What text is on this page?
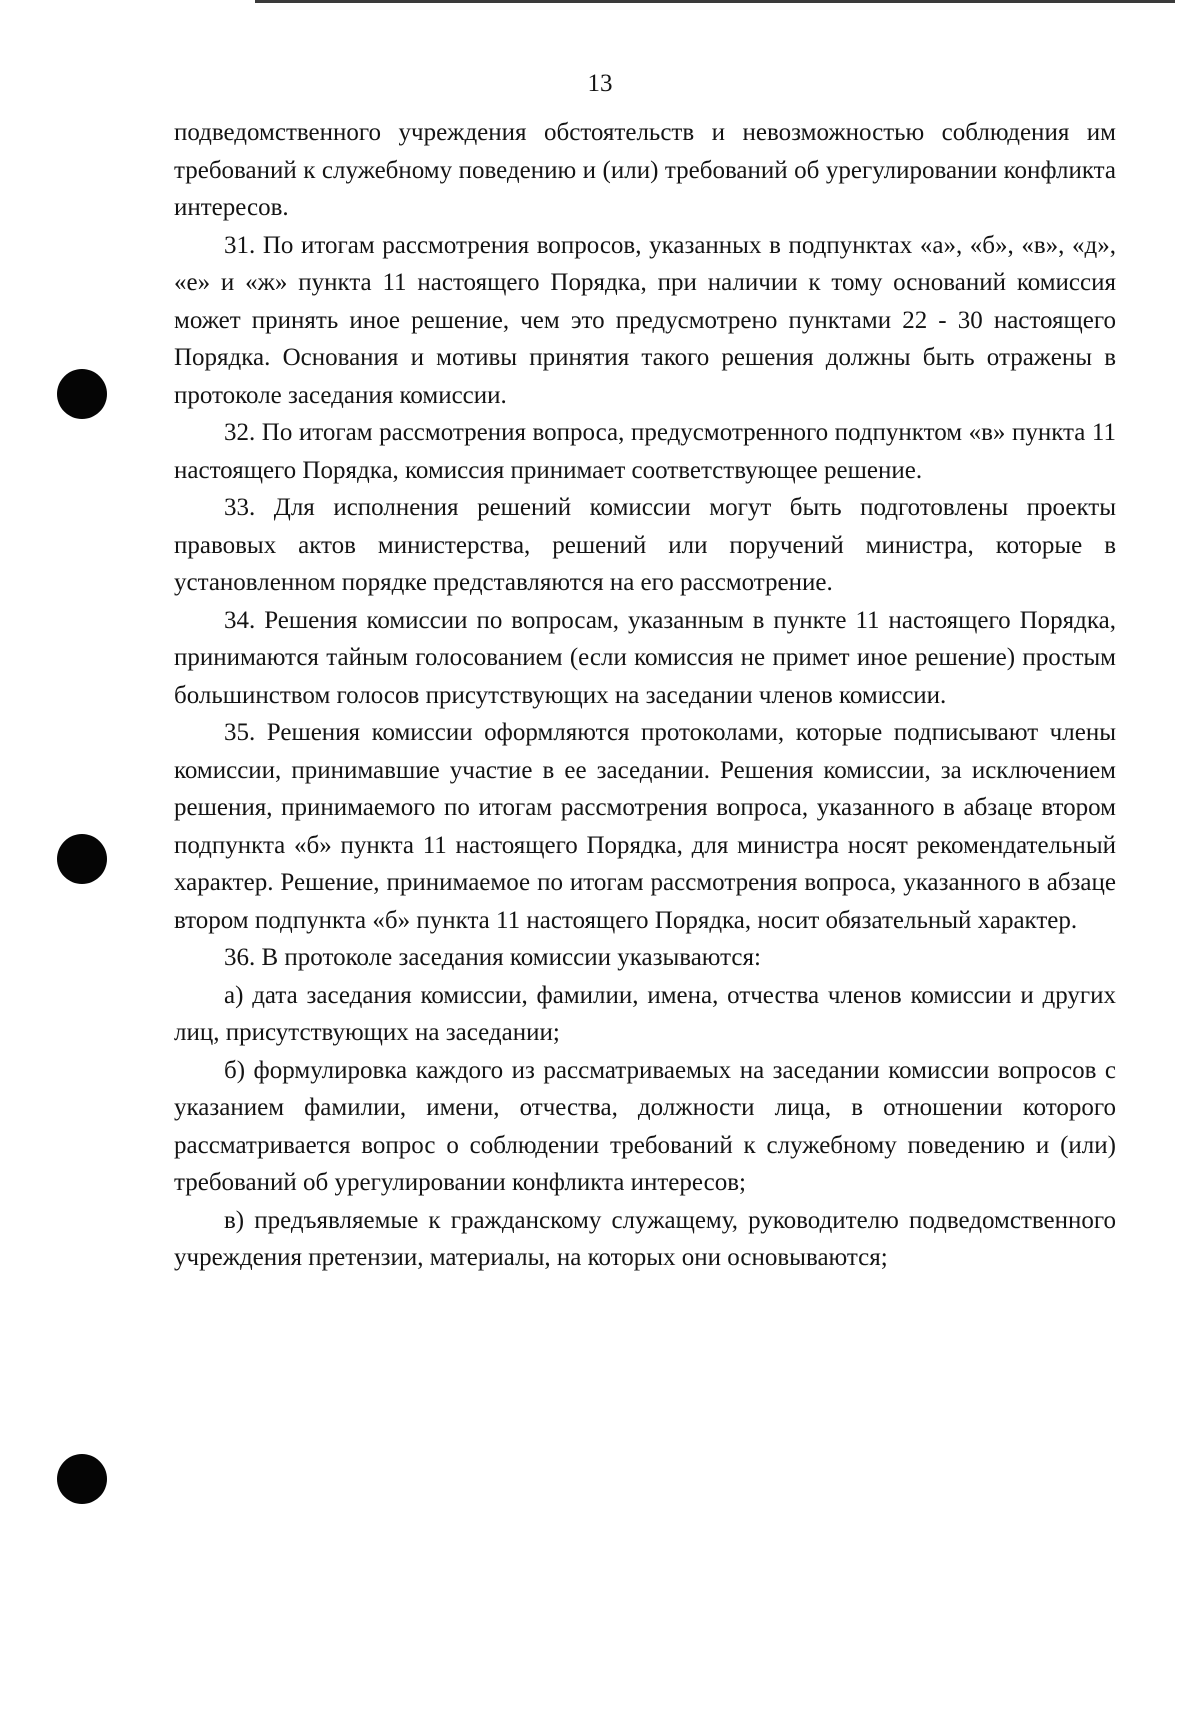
13

подведомственного учреждения обстоятельств и невозможностью соблюдения им требований к служебному поведению и (или) требований об урегулировании конфликта интересов.

31. По итогам рассмотрения вопросов, указанных в подпунктах «а», «б», «в», «д», «е» и «ж» пункта 11 настоящего Порядка, при наличии к тому оснований комиссия может принять иное решение, чем это предусмотрено пунктами 22 - 30 настоящего Порядка. Основания и мотивы принятия такого решения должны быть отражены в протоколе заседания комиссии.

32. По итогам рассмотрения вопроса, предусмотренного подпунктом «в» пункта 11 настоящего Порядка, комиссия принимает соответствующее решение.

33. Для исполнения решений комиссии могут быть подготовлены проекты правовых актов министерства, решений или поручений министра, которые в установленном порядке представляются на его рассмотрение.

34. Решения комиссии по вопросам, указанным в пункте 11 настоящего Порядка, принимаются тайным голосованием (если комиссия не примет иное решение) простым большинством голосов присутствующих на заседании членов комиссии.

35. Решения комиссии оформляются протоколами, которые подписывают члены комиссии, принимавшие участие в ее заседании. Решения комиссии, за исключением решения, принимаемого по итогам рассмотрения вопроса, указанного в абзаце втором подпункта «б» пункта 11 настоящего Порядка, для министра носят рекомендательный характер. Решение, принимаемое по итогам рассмотрения вопроса, указанного в абзаце втором подпункта «б» пункта 11 настоящего Порядка, носит обязательный характер.

36. В протоколе заседания комиссии указываются:

а) дата заседания комиссии, фамилии, имена, отчества членов комиссии и других лиц, присутствующих на заседании;

б) формулировка каждого из рассматриваемых на заседании комиссии вопросов с указанием фамилии, имени, отчества, должности лица, в отношении которого рассматривается вопрос о соблюдении требований к служебному поведению и (или) требований об урегулировании конфликта интересов;

в) предъявляемые к гражданскому служащему, руководителю подведомственного учреждения претензии, материалы, на которых они основываются;
